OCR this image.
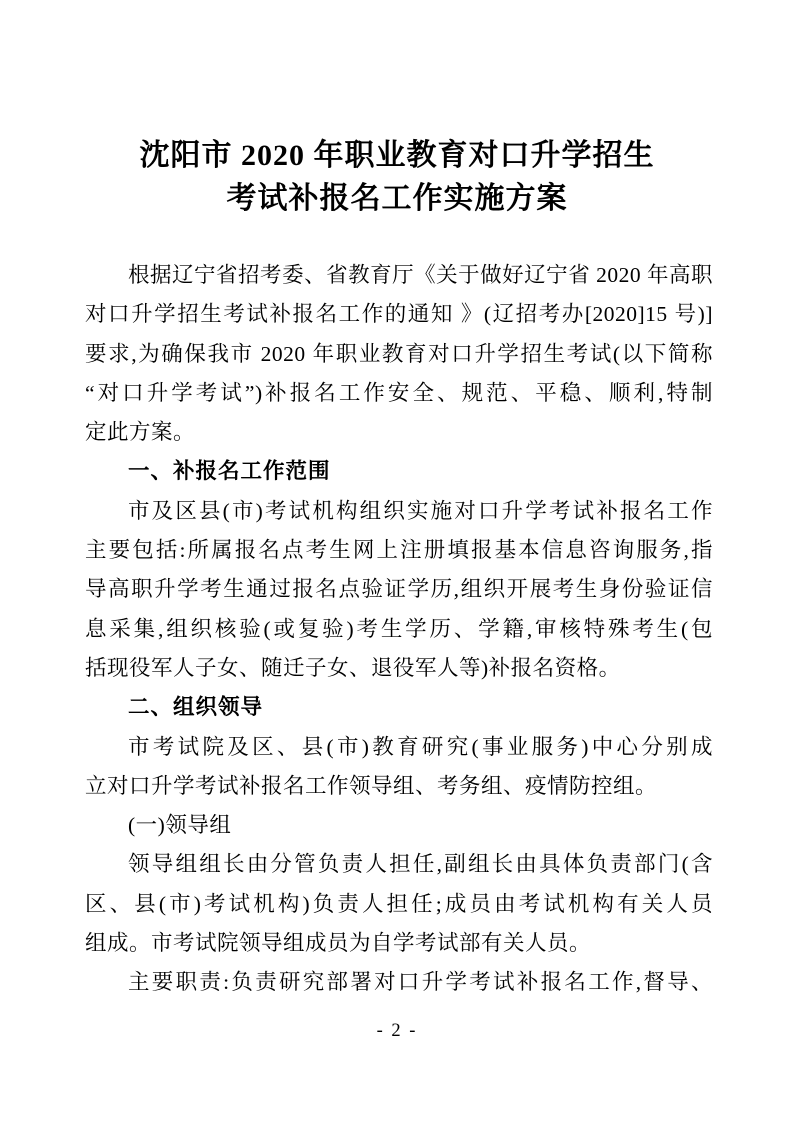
沈阳市 2020 年职业教育对口升学招生
考试补报名工作实施方案
根据辽宁省招考委、省教育厅《关于做好辽宁省 2020 年高职
对口升学招生考试补报名工作的通知 》(辽招考办[2020]15 号)]
要求,为确保我市 2020 年职业教育对口升学招生考试(以下简称
“对口升学考试”)补报名工作安全、规范、平稳、顺利,特制
定此方案。
一、补报名工作范围
市及区县(市)考试机构组织实施对口升学考试补报名工作
主要包括:所属报名点考生网上注册填报基本信息咨询服务,指
导高职升学考生通过报名点验证学历,组织开展考生身份验证信
息采集,组织核验(或复验)考生学历、学籍,审核特殊考生(包
括现役军人子女、随迁子女、退役军人等)补报名资格。
二、组织领导
市考试院及区、县(市)教育研究(事业服务)中心分别成
立对口升学考试补报名工作领导组、考务组、疫情防控组。
(一)领导组
领导组组长由分管负责人担任,副组长由具体负责部门(含
区、县(市)考试机构)负责人担任;成员由考试机构有关人员
组成。市考试院领导组成员为自学考试部有关人员。
主要职责:负责研究部署对口升学考试补报名工作,督导、
- 2 -
